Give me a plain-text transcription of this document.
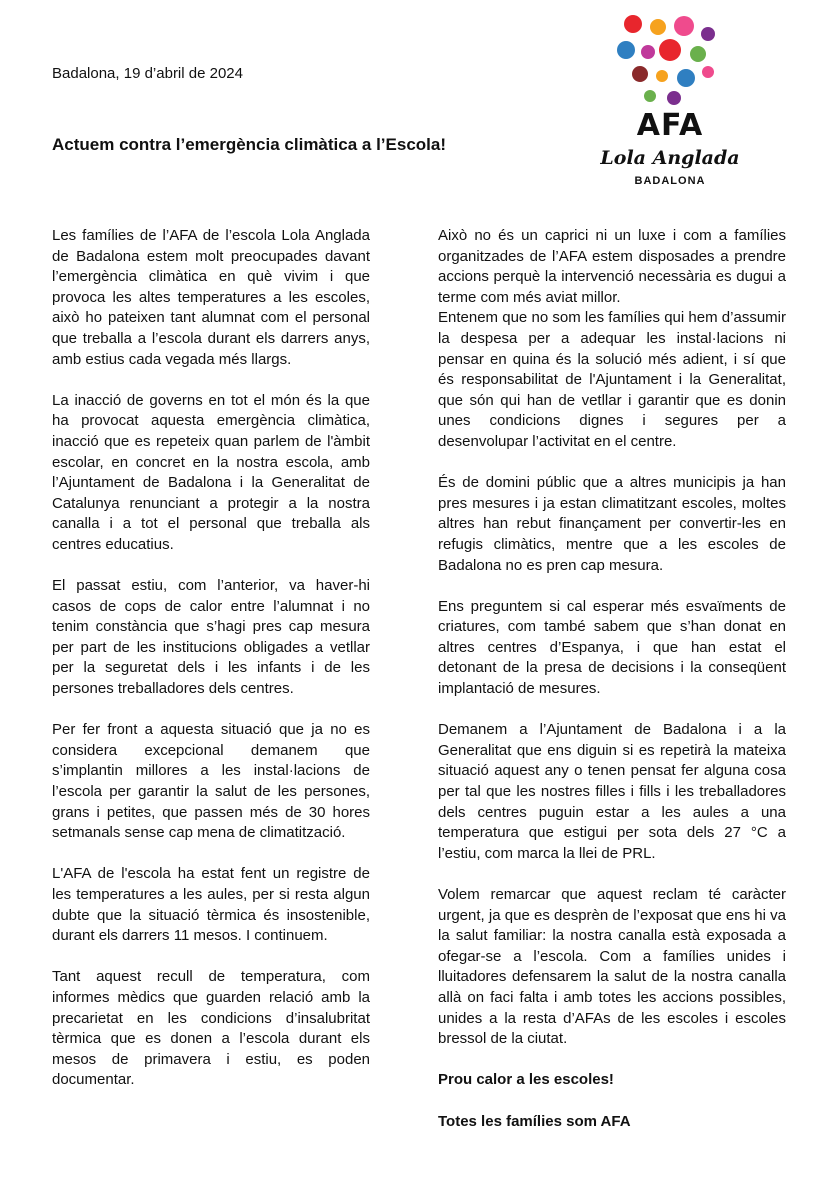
Badalona, 19 d’abril de 2024
Actuem contra l’emergència climàtica a l’Escola!
AFA
Lola Anglada
BADALONA

Les famílies de l’AFA de l’escola Lola Anglada de Badalona estem molt preocupades davant l’emergència climàtica en què vivim i que provoca les altes temperatures a les escoles, això ho pateixen tant alumnat com el personal que treballa a l’escola durant els darrers anys, amb estius cada vegada més llargs.

La inacció de governs en tot el món és la que ha provocat aquesta emergència climàtica, inacció que es repeteix quan parlem de l'àmbit escolar, en concret en la nostra escola, amb l’Ajuntament de Badalona i la Generalitat de Catalunya renunciant a protegir a la nostra canalla i a tot el personal que treballa als centres educatius.

El passat estiu, com l’anterior, va haver-hi casos de cops de calor entre l’alumnat i no tenim constància que s’hagi pres cap mesura per part de les institucions obligades a vetllar per la seguretat dels i les infants i de les persones treballadores dels centres.

Per fer front a aquesta situació que ja no es considera excepcional demanem que s’implantin millores a les instal·lacions de l’escola per garantir la salut de les persones, grans i petites, que passen més de 30 hores setmanals sense cap mena de climatització.

L'AFA de l'escola ha estat fent un registre de les temperatures a les aules, per si resta algun dubte que la situació tèrmica és insostenible, durant els darrers 11 mesos. I continuem.

Tant aquest recull de temperatura, com informes mèdics que guarden relació amb la precarietat en les condicions d’insalubritat tèrmica que es donen a l’escola durant els mesos de primavera i estiu, es poden documentar.

Això no és un caprici ni un luxe i com a famílies organitzades de l’AFA estem disposades a prendre accions perquè la intervenció necessària es dugui a terme com més aviat millor.

Entenem que no som les famílies qui hem d’assumir la despesa per a adequar les instal·lacions ni pensar en quina és la solució més adient, i sí que és responsabilitat de l'Ajuntament i la Generalitat, que són qui han de vetllar i garantir que es donin unes condicions dignes i segures per a desenvolupar l’activitat en el centre.

És de domini públic que a altres municipis ja han pres mesures i ja estan climatitzant escoles, moltes altres han rebut finançament per convertir-les en refugis climàtics, mentre que a les escoles de Badalona no es pren cap mesura.

Ens preguntem si cal esperar més esvaïments de criatures, com també sabem que s’han donat en altres centres d’Espanya, i que han estat el detonant de la presa de decisions i la conseqüent implantació de mesures.

Demanem a l’Ajuntament de Badalona i a la Generalitat que ens diguin si es repetirà la mateixa situació aquest any o tenen pensat fer alguna cosa per tal que les nostres filles i fills i les treballadores dels centres puguin estar a les aules a una temperatura que estigui per sota dels 27 °C a l’estiu, com marca la llei de PRL.

Volem remarcar que aquest reclam té caràcter urgent, ja que es desprèn de l’exposat que ens hi va la salut familiar: la nostra canalla està exposada a ofegar-se a l’escola. Com a famílies unides i lluitadores defensarem la salut de la nostra canalla allà on faci falta i amb totes les accions possibles, unides a la resta d’AFAs de les escoles i escoles bressol de la ciutat.

Prou calor a les escoles!

Totes les famílies som AFA
